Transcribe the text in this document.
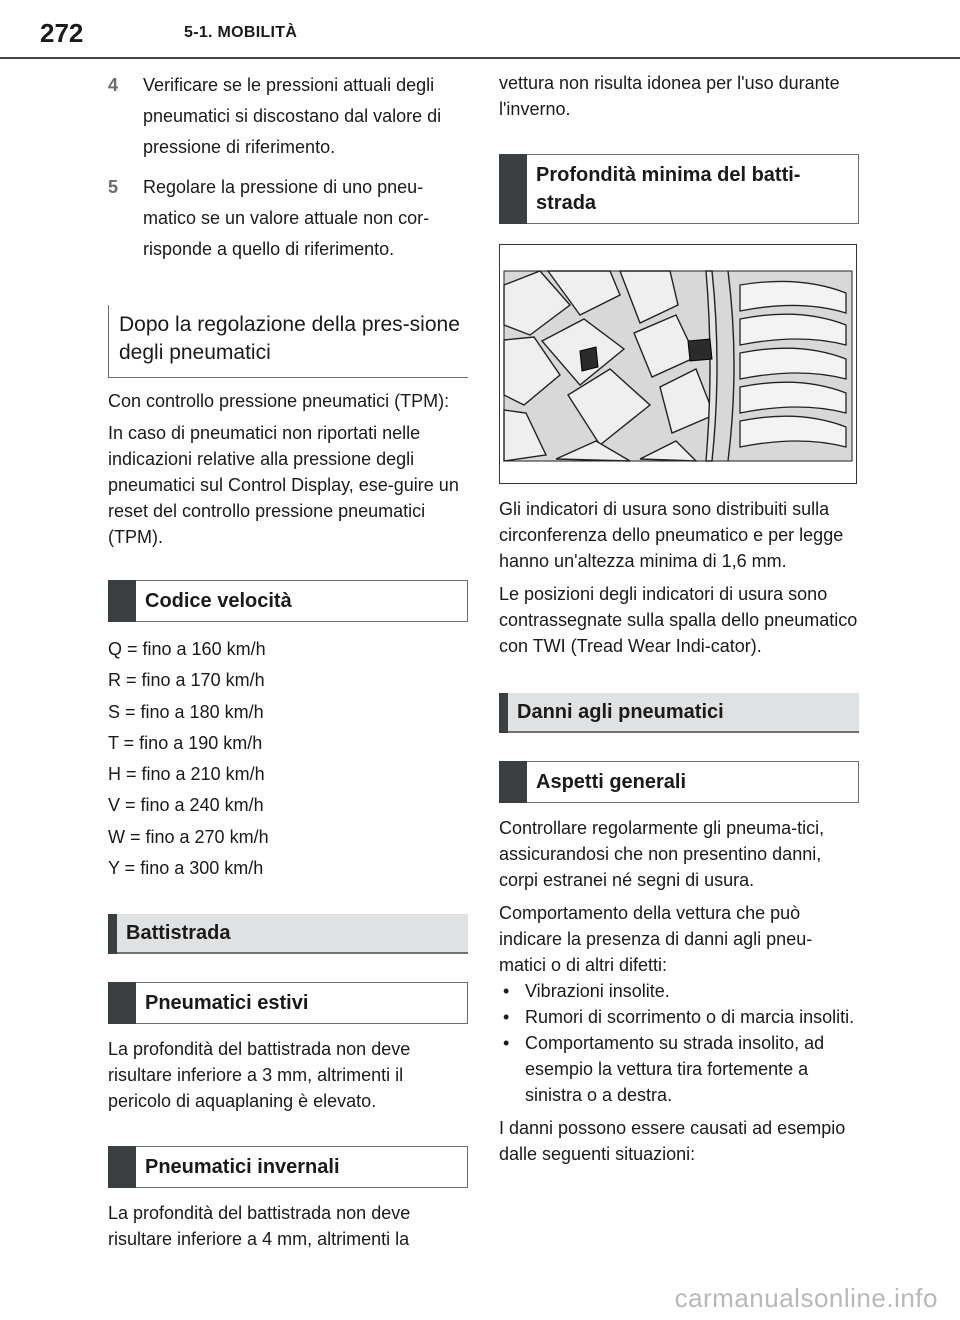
272	5-1. MOBILITÀ
4 Verificare se le pressioni attuali degli pneumatici si discostano dal valore di pressione di riferimento.
5 Regolare la pressione di uno pneu-matico se un valore attuale non cor-risponde a quello di riferimento.
Dopo la regolazione della pres-sione degli pneumatici

Con controllo pressione pneumatici (TPM):

In caso di pneumatici non riportati nelle indicazioni relative alla pressione degli pneumatici sul Control Display, ese-guire un reset del controllo pressione pneumatici (TPM).

Codice velocità
Q = fino a 160 km/h
R = fino a 170 km/h
S = fino a 180 km/h
T = fino a 190 km/h
H = fino a 210 km/h
V = fino a 240 km/h
W = fino a 270 km/h
Y = fino a 300 km/h
Battistrada
Pneumatici estivi

La profondità del battistrada non deve risultare inferiore a 3 mm, altrimenti il pericolo di aquaplaning è elevato.

Pneumatici invernali

La profondità del battistrada non deve risultare inferiore a 4 mm, altrimenti la

vettura non risulta idonea per l'uso durante l'inverno.

Profondità minima del batti-strada

Gli indicatori di usura sono distribuiti sulla circonferenza dello pneumatico e per legge hanno un'altezza minima di 1,6 mm.

Le posizioni degli indicatori di usura sono contrassegnate sulla spalla dello pneumatico con TWI (Tread Wear Indi-cator).

Danni agli pneumatici
Aspetti generali

Controllare regolarmente gli pneuma-tici, assicurandosi che non presentino danni, corpi estranei né segni di usura.

Comportamento della vettura che può indicare la presenza di danni agli pneu-matici o di altri difetti:

• Vibrazioni insolite.
• Rumori di scorrimento o di marcia insoliti.
• Comportamento su strada insolito, ad esempio la vettura tira fortemente a sinistra o a destra.

I danni possono essere causati ad esempio dalle seguenti situazioni:

carmanualsonline.info
